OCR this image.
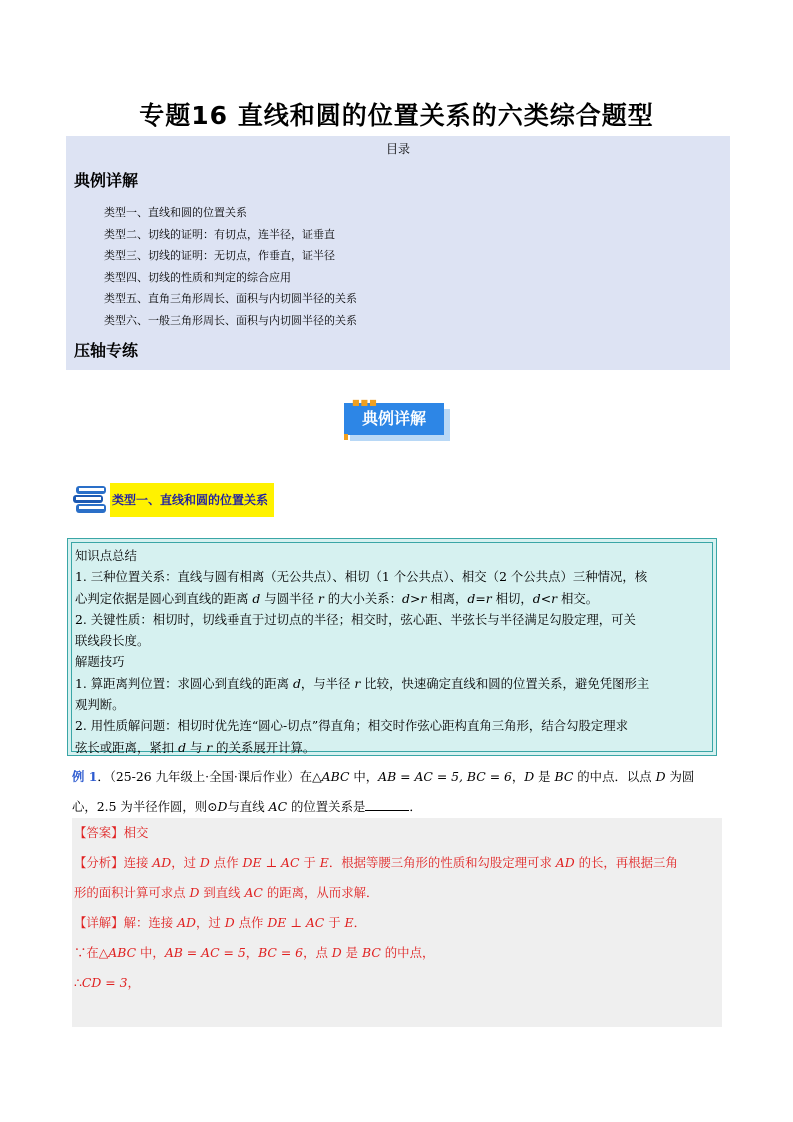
专题16 直线和圆的位置关系的六类综合题型
目录
典例详解
类型一、直线和圆的位置关系
类型二、切线的证明：有切点，连半径，证垂直
类型三、切线的证明：无切点，作垂直，证半径
类型四、切线的性质和判定的综合应用
类型五、直角三角形周长、面积与内切圆半径的关系
类型六、一般三角形周长、面积与内切圆半径的关系
压轴专练
典例详解
■■■
类型一、直线和圆的位置关系

知识点总结

1. 三种位置关系：直线与圆有相离（无公共点）、相切（1 个公共点）、相交（2 个公共点）三种情况，核

心判定依据是圆心到直线的距离 d 与圆半径 r 的大小关系：d>r 相离，d=r 相切，d<r 相交。

2. 关键性质：相切时，切线垂直于过切点的半径；相交时，弦心距、半弦长与半径满足勾股定理，可关

联线段长度。

解题技巧

1. 算距离判位置：求圆心到直线的距离 d，与半径 r 比较，快速确定直线和圆的位置关系，避免凭图形主

观判断。

2. 用性质解问题：相切时优先连“圆心-切点”得直角；相交时作弦心距构直角三角形，结合勾股定理求

弦长或距离，紧扣 d 与 r 的关系展开计算。

例 1．（25-26 九年级上·全国·课后作业）在△ABC 中，AB = AC = 5, BC = 6，D 是 BC 的中点．以点 D 为圆

心，2.5 为半径作圆，则⊙D与直线 AC 的位置关系是	．

【答案】相交

【分析】连接 AD，过 D 点作 DE ⊥ AC 于 E．根据等腰三角形的性质和勾股定理可求 AD 的长，再根据三角

形的面积计算可求点 D 到直线 AC 的距离，从而求解．

【详解】解：连接 AD，过 D 点作 DE ⊥ AC 于 E．

∵在△ABC 中，AB = AC = 5，BC = 6，点 D 是 BC 的中点，

∴CD = 3，
